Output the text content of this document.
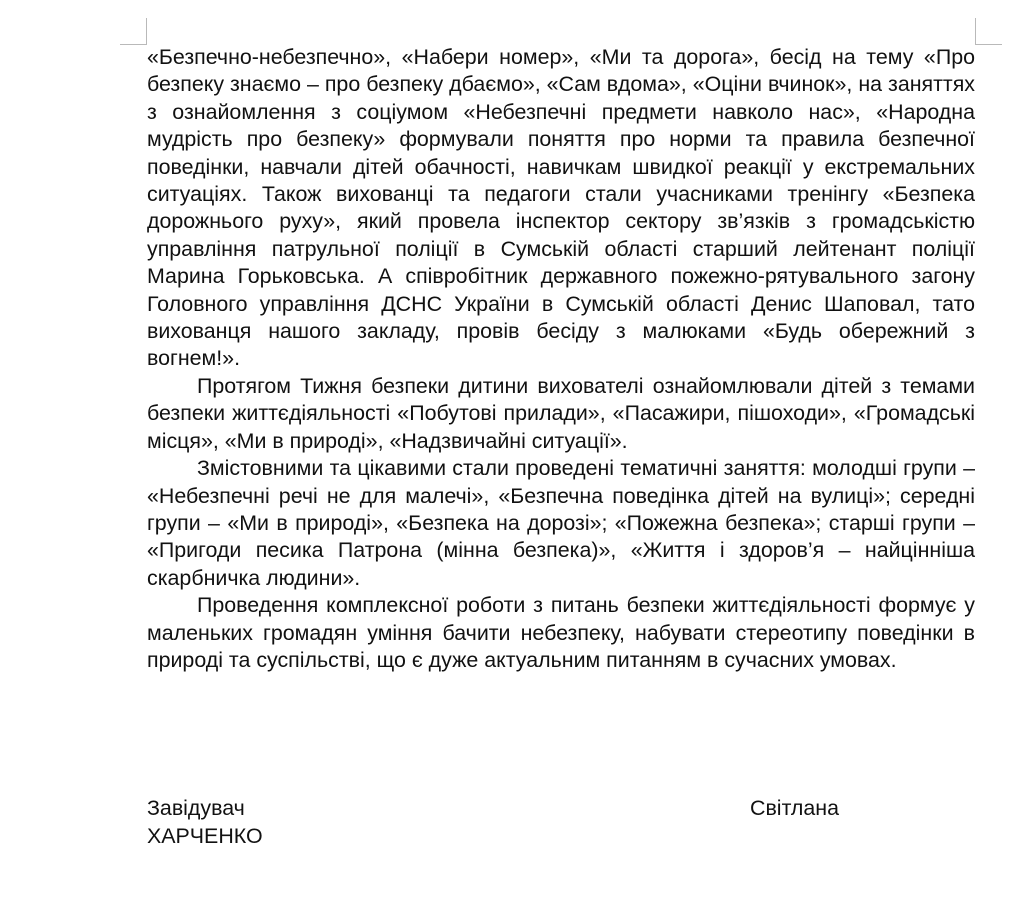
«Безпечно-небезпечно», «Набери номер», «Ми та дорога», бесід на тему «Про безпеку знаємо – про безпеку дбаємо», «Сам вдома», «Оціни вчинок», на заняттях з ознайомлення з соціумом «Небезпечні предмети навколо нас», «Народна мудрість про безпеку» формували поняття про норми та правила безпечної поведінки, навчали дітей обачності, навичкам швидкої реакції у екстремальних ситуаціях. Також вихованці та педагоги стали учасниками тренінгу «Безпека дорожнього руху», який провела інспектор сектору зв’язків з громадськістю управління патрульної поліції в Сумській області старший лейтенант поліції Марина Горьковська. А співробітник державного пожежно-рятувального загону Головного управління ДСНС України в Сумській області Денис Шаповал, тато вихованця нашого закладу, провів бесіду з малюками «Будь обережний з вогнем!».

Протягом Тижня безпеки дитини вихователі ознайомлювали дітей з темами безпеки життєдіяльності «Побутові прилади», «Пасажири, пішоходи», «Громадські місця», «Ми в природі», «Надзвичайні ситуації».

Змістовними та цікавими стали проведені тематичні заняття: молодші групи – «Небезпечні речі не для малечі», «Безпечна поведінка дітей на вулиці»; середні групи – «Ми в природі», «Безпека на дорозі»; «Пожежна безпека»; старші групи – «Пригоди песика Патрона (мінна безпека)», «Життя і здоров’я – найцінніша скарбничка людини».

Проведення комплексної роботи з питань безпеки життєдіяльності формує у маленьких громадян уміння бачити небезпеку, набувати стереотипу поведінки в природі та суспільстві, що є дуже актуальним питанням в сучасних умовах.

Завідувач
ХАРЧЕНКО
Світлана
